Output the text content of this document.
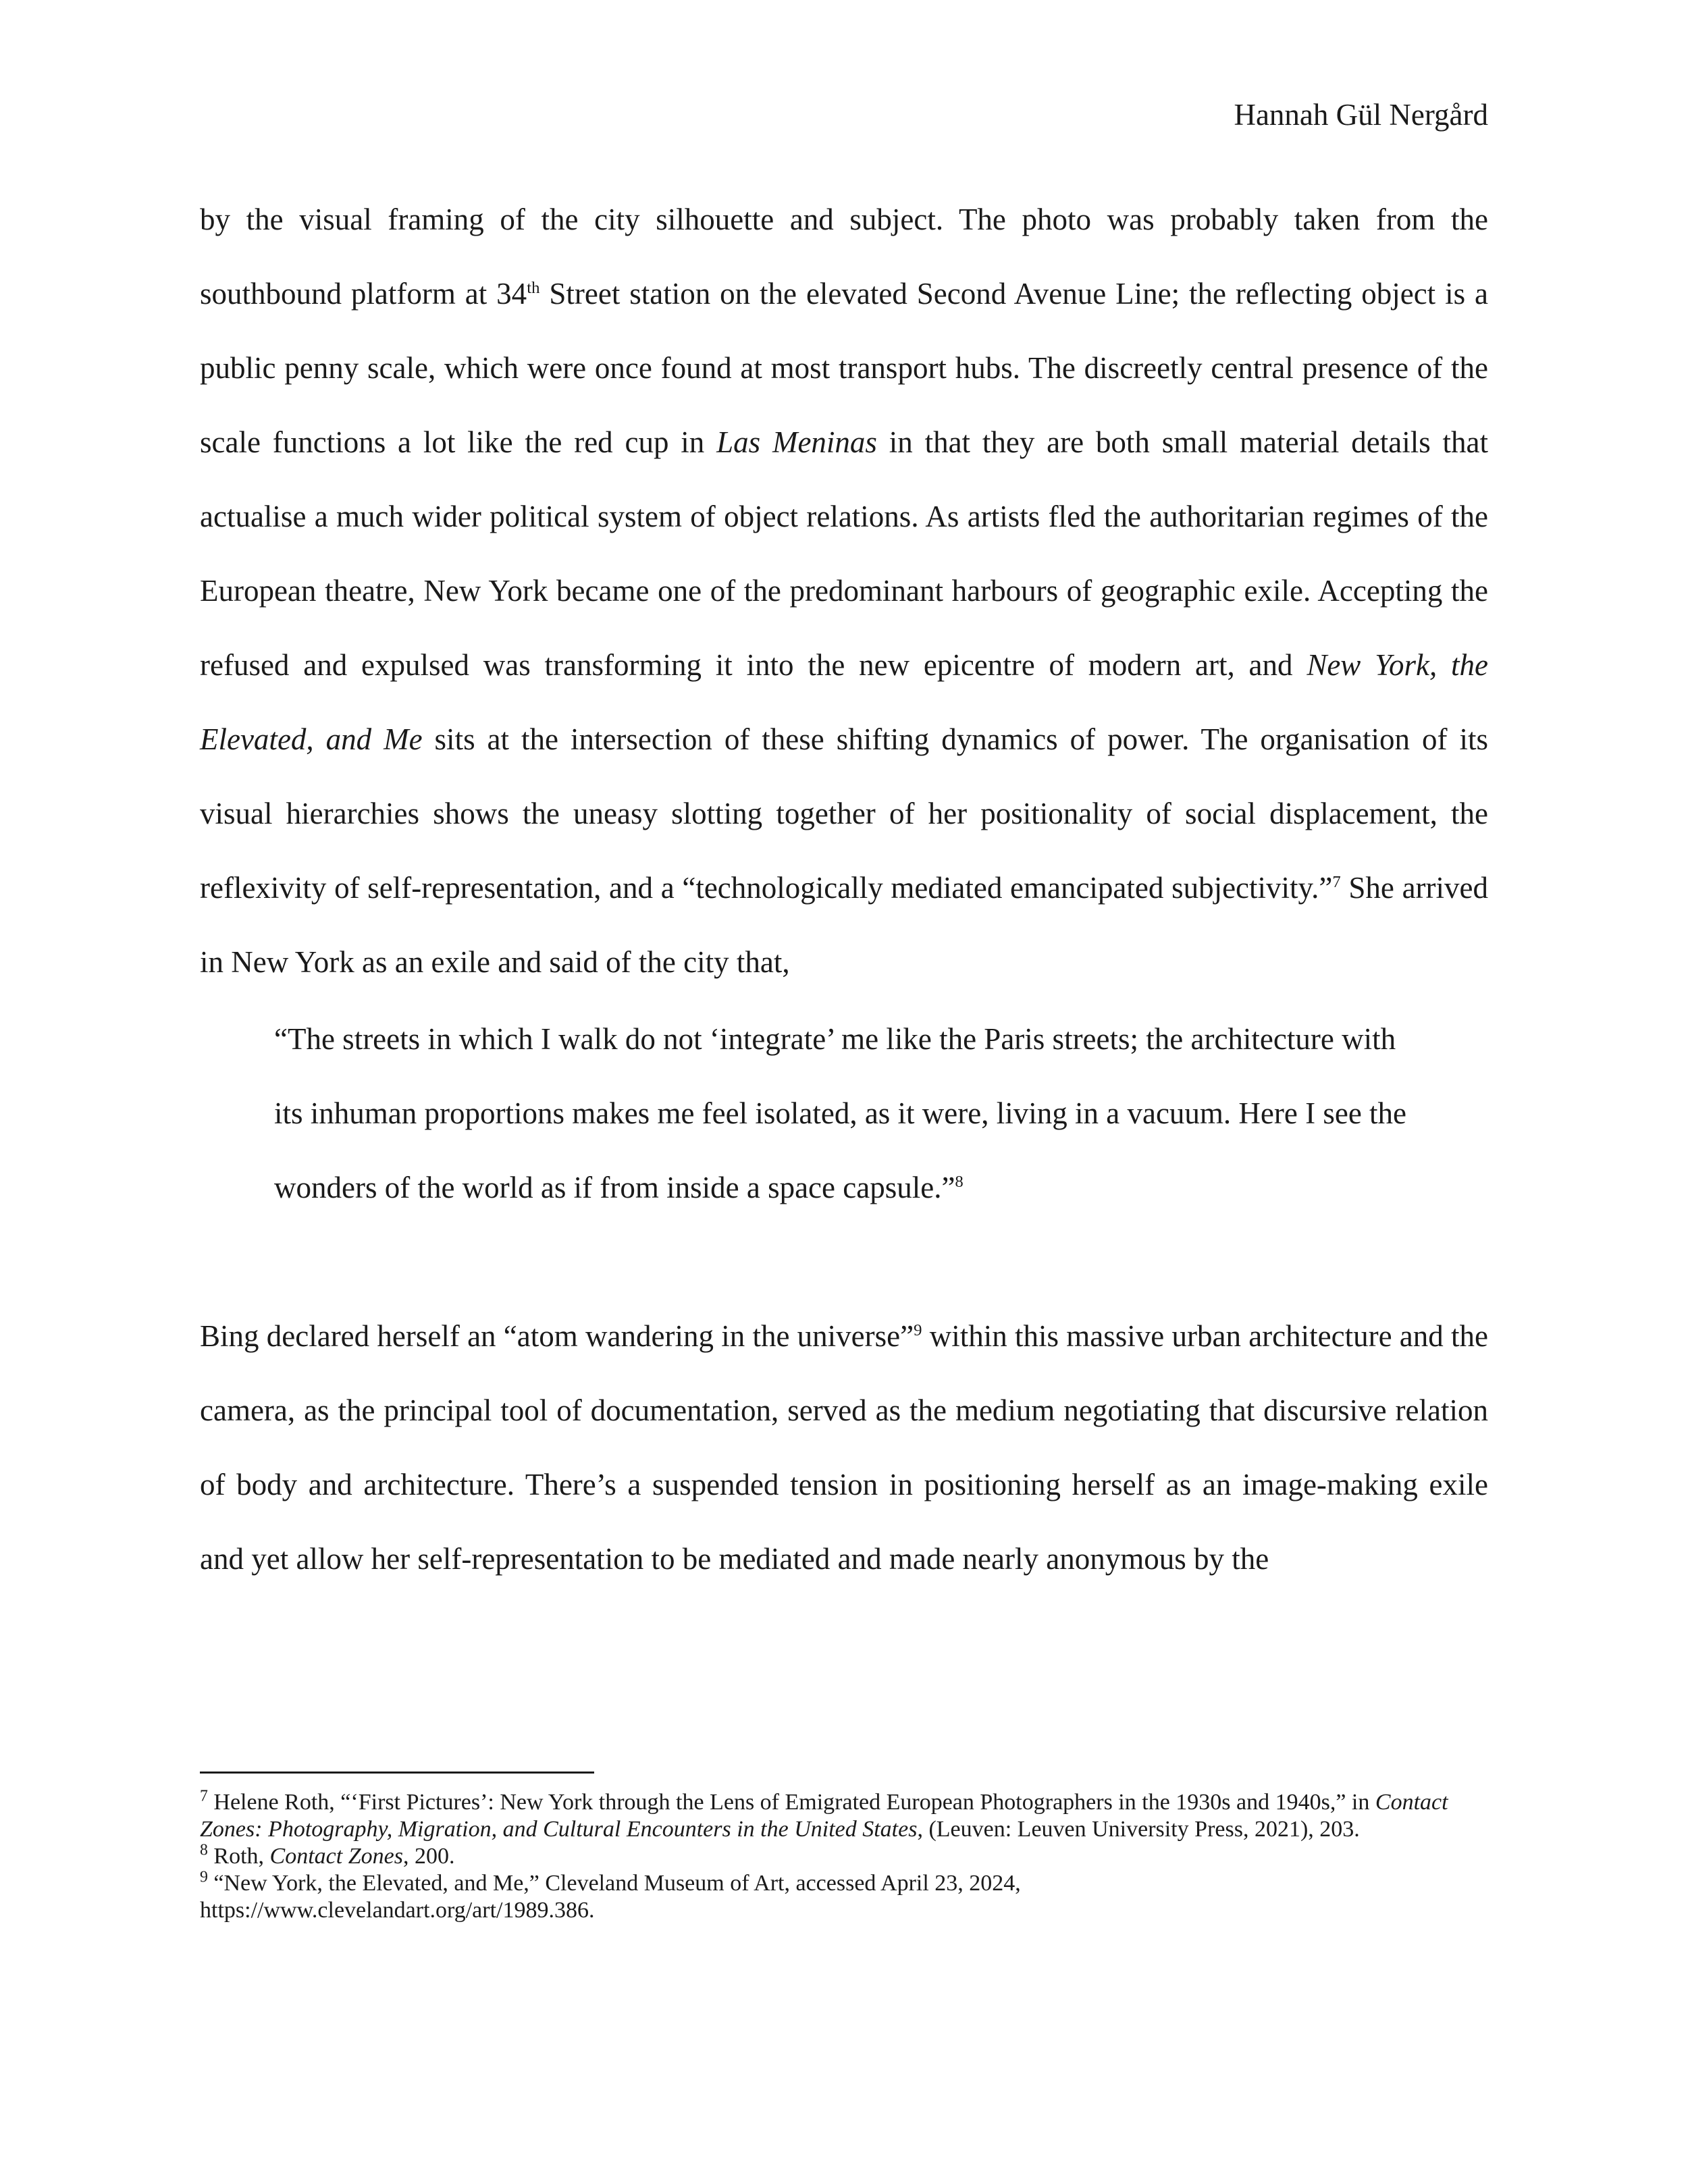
Hannah Gül Nergård

by the visual framing of the city silhouette and subject. The photo was probably taken from the southbound platform at 34th Street station on the elevated Second Avenue Line; the reflecting object is a public penny scale, which were once found at most transport hubs. The discreetly central presence of the scale functions a lot like the red cup in Las Meninas in that they are both small material details that actualise a much wider political system of object relations. As artists fled the authoritarian regimes of the European theatre, New York became one of the predominant harbours of geographic exile. Accepting the refused and expulsed was transforming it into the new epicentre of modern art, and New York, the Elevated, and Me sits at the intersection of these shifting dynamics of power. The organisation of its visual hierarchies shows the uneasy slotting together of her positionality of social displacement, the reflexivity of self-representation, and a “technologically mediated emancipated subjectivity.”$^7$ She arrived in New York as an exile and said of the city that,

“The streets in which I walk do not ‘integrate’ me like the Paris streets; the architecture with its inhuman proportions makes me feel isolated, as it were, living in a vacuum. Here I see the wonders of the world as if from inside a space capsule.”$^8$

Bing declared herself an “atom wandering in the universe”$^9$ within this massive urban architecture and the camera, as the principal tool of documentation, served as the medium negotiating that discursive relation of body and architecture. There’s a suspended tension in positioning herself as an image-making exile and yet allow her self-representation to be mediated and made nearly anonymous by the

$^7$ Helene Roth, “‘First Pictures’: New York through the Lens of Emigrated European Photographers in the 1930s and 1940s,” in Contact Zones: Photography, Migration, and Cultural Encounters in the United States, (Leuven: Leuven University Press, 2021), 203.

$^8$ Roth, Contact Zones, 200.

$^9$ “New York, the Elevated, and Me,” Cleveland Museum of Art, accessed April 23, 2024,
https://www.clevelandart.org/art/1989.386.
